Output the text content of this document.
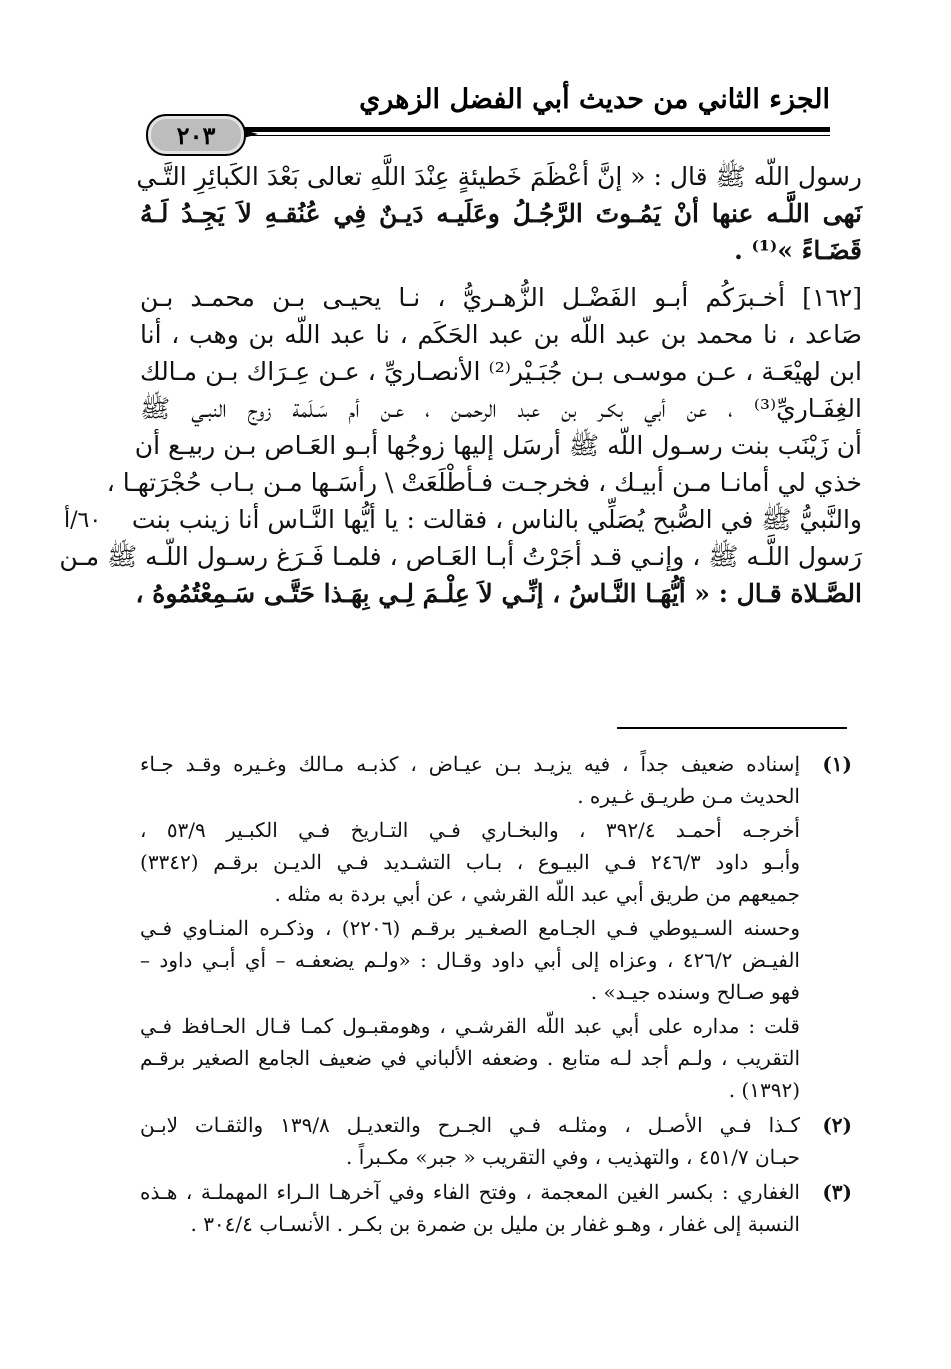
الجزء الثاني من حديث أبي الفضل الزهري
٢٠٣
٦٠/أ
رسول اللّه ﷺ قال : « إنَّ أعْظَمَ خَطيئةٍ عِنْدَ اللَّهِ تعالى بَعْدَ الكَبائِرِ التَّـي
نَهى اللَّـه عنها أنْ يَمُـوتَ الرَّجُـلُ وعَلَيـه دَيـنٌ فِي عُنُقـهِ لاَ يَجِـدُ لَـهُ
قَضَـاءً »⁽¹⁾ .
[١٦٢] أخـبرَكُم أبـو الفَضْـل الزُّهـريُّ ، نـا يحيـى بـن محمـد بـن
صَاعد ، نا محمد بن عبد اللّه بن عبد الحَكَم ، نا عبد اللّه بن وهب ، أنا
ابن لهيْعَـة ، عـن موسـى بـن جُبَـيْر⁽²⁾ الأنصـاريِّ ، عـن عِـرَاك بـن مـالك
الغِفَـاريِّ⁽³⁾ ، عن أبي بكـر بن عبد الرحمـن ، عـن أم سَـلَمة زوج النبـي ﷺ
أن زَيْنَب بنت رسـول اللّه ﷺ أرسَل إليها زوجُها أبـو العَـاص بـن ربيـع أن
خذي لي أمانـا مـن أبيـك ، فخرجـت فـأطْلَعَتْ \ رأسَـها مـن بـاب حُجْرَتهـا ،
والنَّبيُّ ﷺ في الصُّبح يُصَلِّي بالناس ، فقالت : يا أيُّها النَّـاس أنا زينب بنت
رَسول اللَّـه ﷺ ، وإنـي قـد أجَرْتُ أبـا العَـاص ، فلمـا فَـرَغ رسـول اللّـه ﷺ مـن
الصَّـلاة قـال : « أيُّهَـا النَّـاسُ ، إنِّـي لاَ عِلْـمَ لِـي بِهَـذا حَتَّـى سَـمِعْتُمُوهُ ،
(١)
إسناده ضعيف جداً ، فيه يزيـد بـن عيـاض ، كذبـه مـالك وغـيره وقـد جـاء
الحديث مـن طريـق غـيره .
أخرجـه أحمـد ٣٩٢/٤ ، والبخـاري فـي التـاريخ فـي الكبـير ٥٣/٩ ،
وأبـو داود ٢٤٦/٣ فـي البيـوع ، بـاب التشـديد فـي الديـن برقـم (٣٣٤٢)
جميعهم من طريق أبي عبد اللّه القرشي ، عن أبي بردة به مثله .
وحسنه السـيوطي فـي الجـامع الصغـير برقـم (٢٢٠٦) ، وذكـره المنـاوي فـي
الفيـض ٤٢٦/٢ ، وعزاه إلى أبي داود وقـال : «ولـم يضعفـه – أي أبـي داود –
فهو صـالح وسنده جيـد» .
قلت : مداره على أبي عبد اللّه القرشـي ، وهومقبـول كمـا قـال الحـافظ فـي
التقريب ، ولـم أجد لـه متابع . وضعفه الألباني في ضعيف الجامع الصغير برقـم
(١٣٩٢) .
(٢)
كـذا فـي الأصـل ، ومثلـه فـي الجـرح والتعديـل ١٣٩/٨ والثقـات لابـن
حبـان ٤٥١/٧ ، والتهذيب ، وفي التقريب « جبر» مكـبراً .
(٣)
الغفاري : بكسر الغين المعجمة ، وفتح الفاء وفي آخرهـا الـراء المهملـة ، هـذه
النسبة إلى غفار ، وهـو غفار بن مليل بن ضمرة بن بكـر . الأنسـاب ٣٠٤/٤ .
